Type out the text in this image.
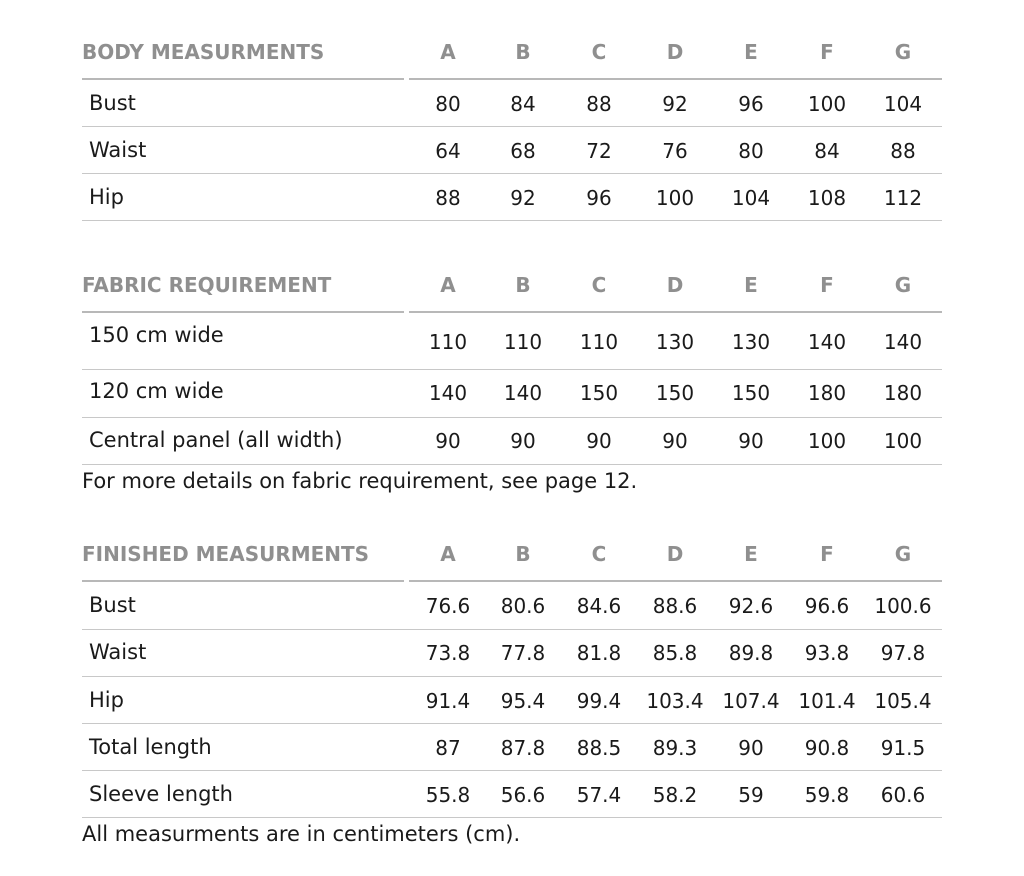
BODY MEASURMENTS	A	B	C	D	E	F	G
Bust	80	84	88	92	96	100	104
Waist	64	68	72	76	80	84	88
Hip	88	92	96	100	104	108	112
FABRIC REQUIREMENT	A	B	C	D	E	F	G
150 cm wide	110	110	110	130	130	140	140
120 cm wide	140	140	150	150	150	180	180
Central panel (all width)	90	90	90	90	90	100	100
For more details on fabric requirement, see page 12.
FINISHED MEASURMENTS	A	B	C	D	E	F	G
Bust	76.6	80.6	84.6	88.6	92.6	96.6	100.6
Waist	73.8	77.8	81.8	85.8	89.8	93.8	97.8
Hip	91.4	95.4	99.4	103.4 107.4 101.4 105.4
Total length	87	87.8	88.5	89.3	90	90.8	91.5
Sleeve length	55.8	56.6	57.4	58.2	59	59.8	60.6
All measurments are in centimeters (cm).
